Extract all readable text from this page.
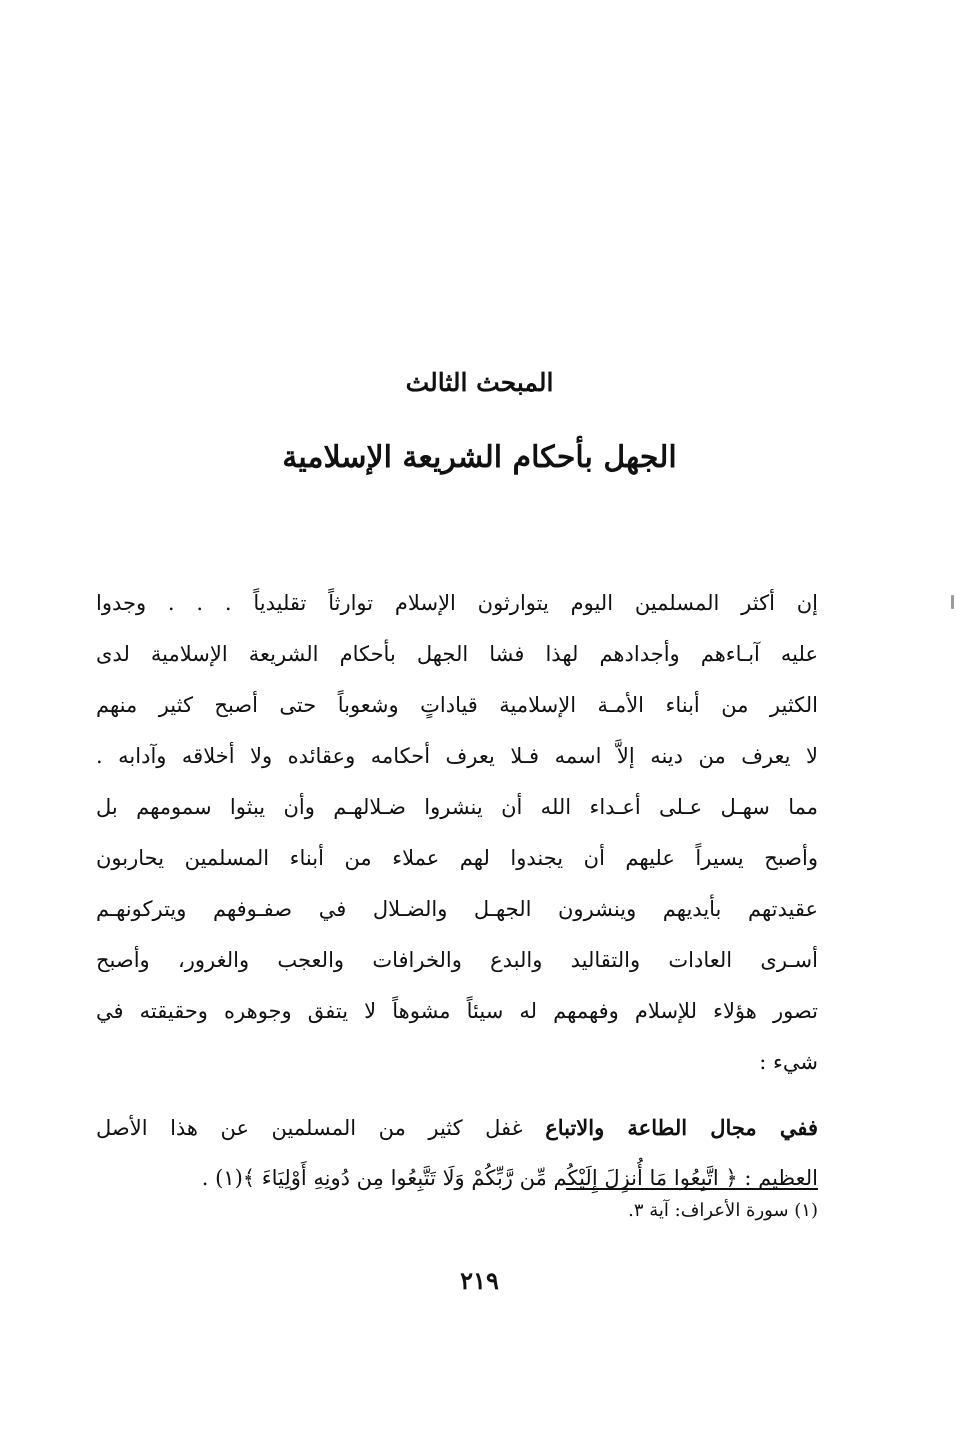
المبحث الثالث
الجهل بأحكام الشريعة الإسلامية
إن أكثر المسلمين اليوم يتوارثون الإسلام توارثاً تقليدياً . . . وجدوا
عليه آبـاءهم وأجدادهم لهذا فشا الجهل بأحكام الشريعة الإسلامية لدى
الكثير من أبناء الأمـة الإسلامية قياداتٍ وشعوباً حتى أصبح كثير منهم
لا يعرف من دينه إلاَّ اسمه فـلا يعرف أحكامه وعقائده ولا أخلاقه وآدابه .
مما سهـل عـلى أعـداء الله أن ينشروا ضـلالهـم وأن يبثوا سمومهم بل
وأصبح يسيراً عليهم أن يجندوا لهم عملاء من أبناء المسلمين يحاربون
عقيدتهم بأيديهم وينشرون الجهـل والضـلال في صفـوفهم ويتركونهـم
أسـرى العادات والتقاليد والبدع والخرافات والعجب والغرور، وأصبح
تصور هؤلاء للإسلام وفهمهم له سيئاً مشوهاً لا يتفق وجوهره وحقيقته في
شيء :
ففي مجال الطاعة والاتباع غفل كثير من المسلمين عن هذا الأصل
العظيم : ﴿ اتَّبِعُوا مَا أُنزِلَ إِلَيْكُم مِّن رَّبِّكُمْ وَلَا تَتَّبِعُوا مِن دُونِهِ أَوْلِيَاءَ ﴾(١) .

(١) سورة الأعراف: آية ٣.

٢١٩
